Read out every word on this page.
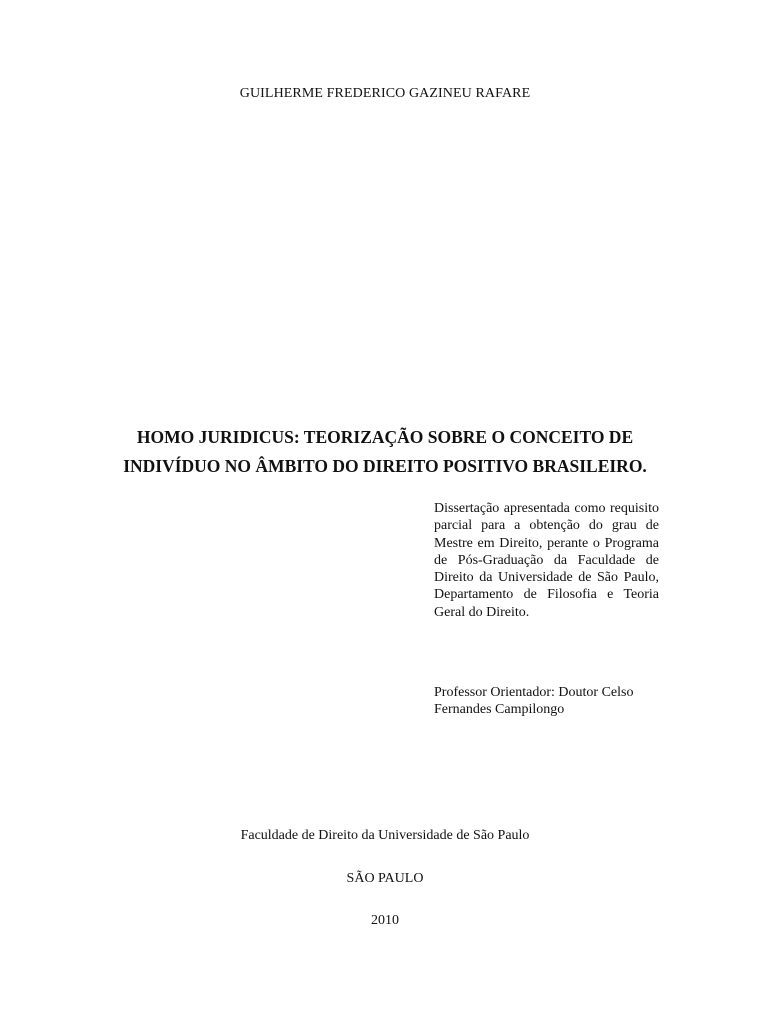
GUILHERME FREDERICO GAZINEU RAFARE
HOMO JURIDICUS: TEORIZAÇÃO SOBRE O CONCEITO DE
INDIVÍDUO NO ÂMBITO DO DIREITO POSITIVO BRASILEIRO.
Dissertação apresentada como requisito parcial para a obtenção do grau de Mestre em Direito, perante o Programa de Pós-Graduação da Faculdade de Direito da Universidade de São Paulo, Departamento de Filosofia e Teoria Geral do Direito.
Professor Orientador: Doutor Celso Fernandes Campilongo
Faculdade de Direito da Universidade de São Paulo
SÃO PAULO
2010
